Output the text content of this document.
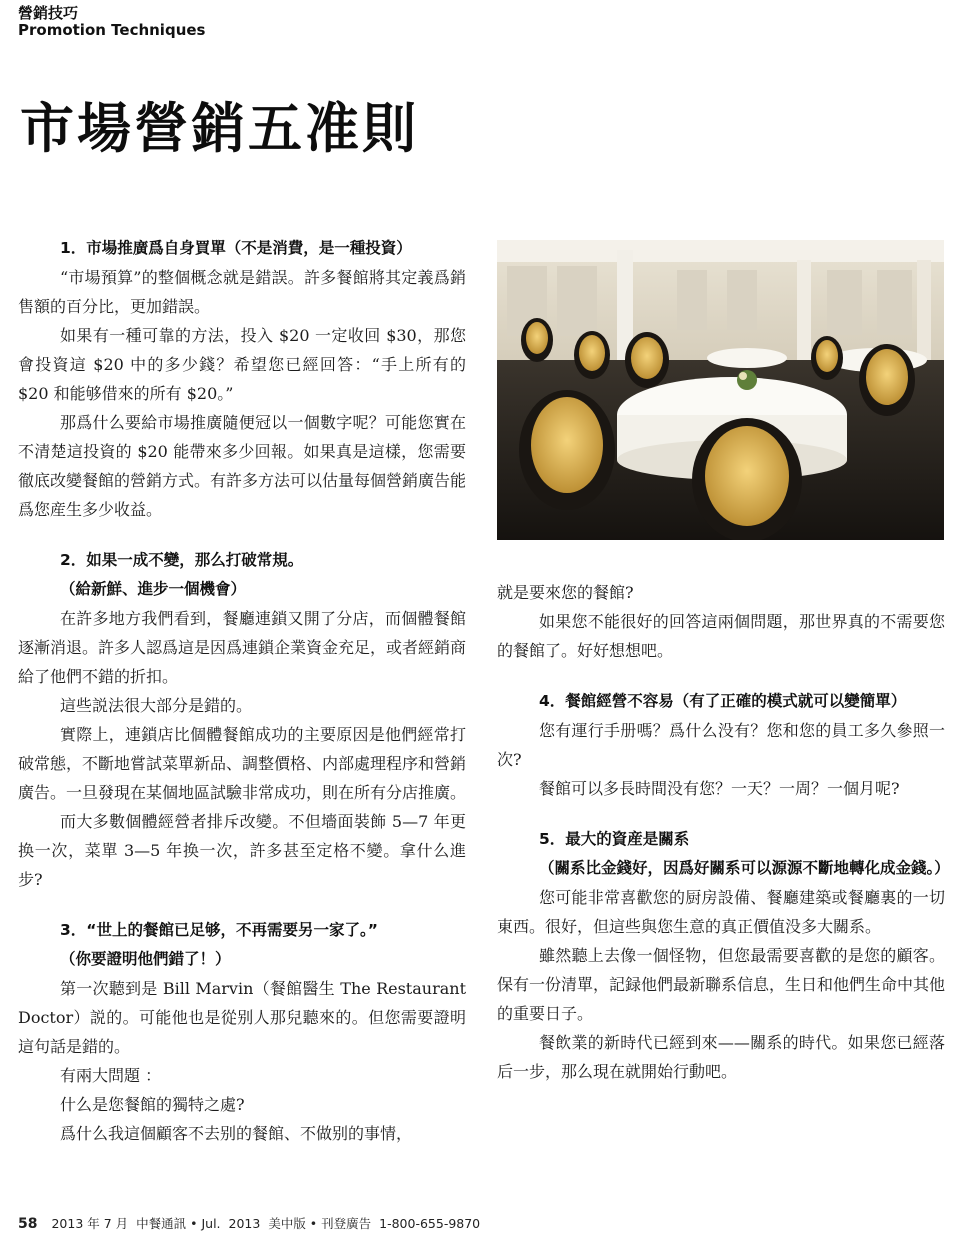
營銷技巧
Promotion Techniques
市場營銷五准則
1．市場推廣爲自身買單（不是消費，是一種投資）

“市場預算”的整個概念就是錯誤。許多餐館將其定義爲銷售額的百分比，更加錯誤。

如果有一種可靠的方法，投入 $20 一定收回 $30，那您會投資這 $20 中的多少錢？希望您已經回答：“手上所有的 $20 和能够借來的所有 $20。”

那爲什么要給市場推廣隨便冠以一個數字呢？可能您實在不清楚這投資的 $20 能帶來多少回報。如果真是這樣，您需要徹底改變餐館的營銷方式。有許多方法可以估量每個營銷廣告能爲您産生多少收益。

2．如果一成不變，那么打破常規。
（給新鮮、進步一個機會）

在許多地方我們看到，餐廳連鎖又開了分店，而個體餐館逐漸消退。許多人認爲這是因爲連鎖企業資金充足，或者經銷商給了他們不錯的折扣。

這些説法很大部分是錯的。

實際上，連鎖店比個體餐館成功的主要原因是他們經常打破常態，不斷地嘗試菜單新品、調整價格、内部處理程序和營銷廣告。一旦發現在某個地區試驗非常成功，則在所有分店推廣。

而大多數個體經營者排斥改變。不但墻面裝飾 5—7 年更换一次，菜單 3—5 年换一次，許多甚至定格不變。拿什么進步?

3．“世上的餐館已足够，不再需要另一家了。”
（你要證明他們錯了！）

第一次聽到是 Bill Marvin（餐館醫生 The Restaurant Doctor）説的。可能他也是從别人那兒聽來的。但您需要證明這句話是錯的。

有兩大問題 ：

什么是您餐館的獨特之處?

爲什么我這個顧客不去别的餐館、不做别的事情，

就是要來您的餐館?

如果您不能很好的回答這兩個問題，那世界真的不需要您的餐館了。好好想想吧。

4．餐館經營不容易（有了正確的模式就可以變簡單）

您有運行手册嗎？爲什么没有？您和您的員工多久參照一次?

餐館可以多長時間没有您？一天？一周？一個月呢?

5．最大的資産是關系
（關系比金錢好，因爲好關系可以源源不斷地轉化成金錢。）

您可能非常喜歡您的厨房設備、餐廳建築或餐廳裏的一切東西。很好，但這些與您生意的真正價值没多大關系。

雖然聽上去像一個怪物，但您最需要喜歡的是您的顧客。保有一份清單，記録他們最新聯系信息，生日和他們生命中其他的重要日子。

餐飲業的新時代已經到來——關系的時代。如果您已經落后一步，那么現在就開始行動吧。

58 2013 年 7 月 中餐通訊 • Jul. 2013 美中版 • 刊登廣告 1-800-655-9870
